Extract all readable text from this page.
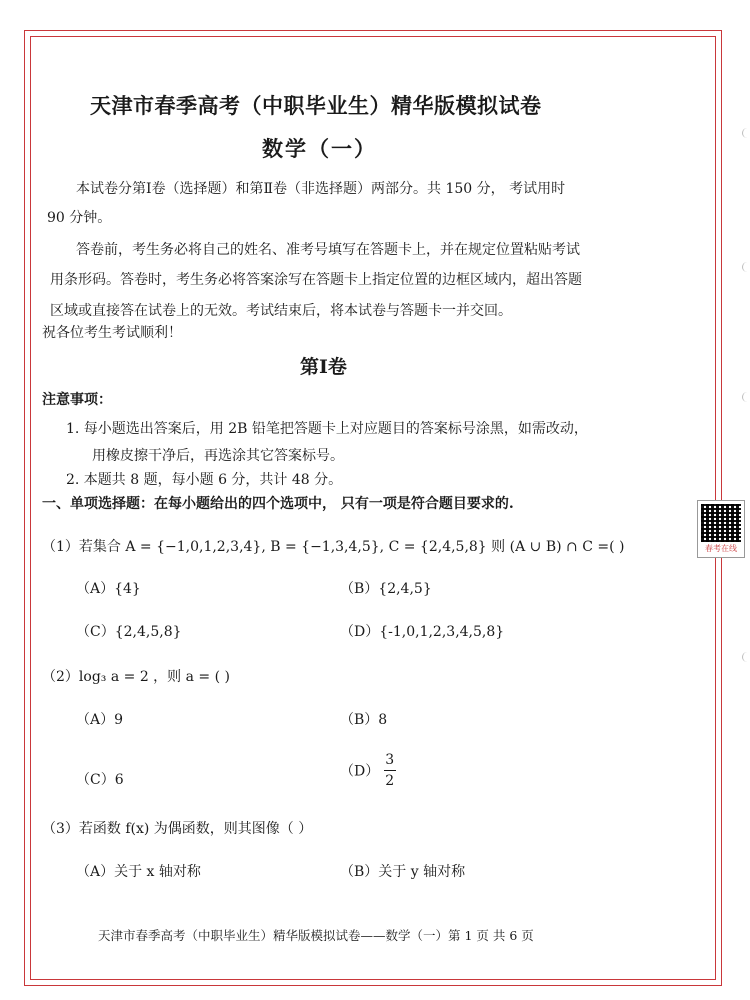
天津市春季高考（中职毕业生）精华版模拟试卷
数学（一）
本试卷分第Ⅰ卷（选择题）和第Ⅱ卷（非选择题）两部分。共 150 分， 考试用时
90 分钟。
答卷前，考生务必将自己的姓名、准考号填写在答题卡上，并在规定位置粘贴考试
用条形码。答卷时，考生务必将答案涂写在答题卡上指定位置的边框区域内，超出答题
区域或直接答在试卷上的无效。考试结束后，将本试卷与答题卡一并交回。
祝各位考生考试顺利！
第Ⅰ卷
注意事项：
1. 每小题选出答案后，用 2B 铅笔把答题卡上对应题目的答案标号涂黑，如需改动，
用橡皮擦干净后，再选涂其它答案标号。
2. 本题共 8 题，每小题 6 分，共计 48 分。
一、单项选择题：在每小题给出的四个选项中， 只有一项是符合题目要求的.
（1）若集合 A = {−1,0,1,2,3,4}, B = {−1,3,4,5}, C = {2,4,5,8} 则 (A ∪ B) ∩ C =( )
（A）{4}	（B）{2,4,5}
（C）{2,4,5,8}	（D）{-1,0,1,2,3,4,5,8}
（2）log₃ a = 2 ，则 a = ( )
（A）9	（B）8
（C）6
$(D) \frac{3}{2}$
（3）若函数 f(x) 为偶函数，则其图像（ ）
（A）关于 x 轴对称	（B）关于 y 轴对称
天津市春季高考（中职毕业生）精华版模拟试卷——数学（一）第 1 页 共 6 页
春考在线
